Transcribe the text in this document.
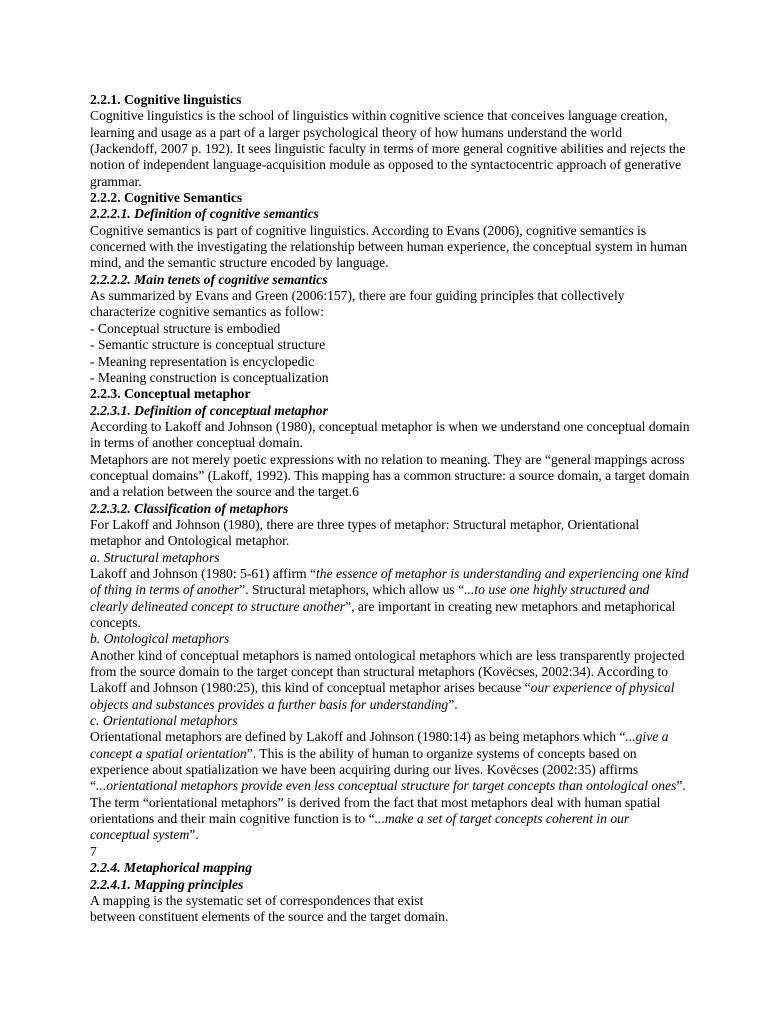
2.2.1. Cognitive linguistics

Cognitive linguistics is the school of linguistics within cognitive science that conceives language creation, learning and usage as a part of a larger psychological theory of how humans understand the world (Jackendoff, 2007 p. 192). It sees linguistic faculty in terms of more general cognitive abilities and rejects the notion of independent language-acquisition module as opposed to the syntactocentric approach of generative grammar.

2.2.2. Cognitive Semantics
2.2.2.1. Definition of cognitive semantics

Cognitive semantics is part of cognitive linguistics. According to Evans (2006), cognitive semantics is concerned with the investigating the relationship between human experience, the conceptual system in human mind, and the semantic structure encoded by language.

2.2.2.2. Main tenets of cognitive semantics

As summarized by Evans and Green (2006:157), there are four guiding principles that collectively characterize cognitive semantics as follow:

- Conceptual structure is embodied
- Semantic structure is conceptual structure
- Meaning representation is encyclopedic
- Meaning construction is conceptualization
2.2.3. Conceptual metaphor
2.2.3.1. Definition of conceptual metaphor

According to Lakoff and Johnson (1980), conceptual metaphor is when we understand one conceptual domain in terms of another conceptual domain.

Metaphors are not merely poetic expressions with no relation to meaning. They are “general mappings across conceptual domains” (Lakoff, 1992). This mapping has a common structure: a source domain, a target domain and a relation between the source and the target.6

2.2.3.2. Classification of metaphors

For Lakoff and Johnson (1980), there are three types of metaphor: Structural metaphor, Orientational metaphor and Ontological metaphor.

a. Structural metaphors

Lakoff and Johnson (1980: 5-61) affirm “the essence of metaphor is understanding and experiencing one kind of thing in terms of another”. Structural metaphors, which allow us “...to use one highly structured and clearly delineated concept to structure another”, are important in creating new metaphors and metaphorical concepts.

b. Ontological metaphors

Another kind of conceptual metaphors is named ontological metaphors which are less transparently projected from the source domain to the target concept than structural metaphors (Kovëcses, 2002:34). According to Lakoff and Johnson (1980:25), this kind of conceptual metaphor arises because “our experience of physical objects and substances provides a further basis for understanding”.

c. Orientational metaphors

Orientational metaphors are defined by Lakoff and Johnson (1980:14) as being metaphors which “...give a concept a spatial orientation”. This is the ability of human to organize systems of concepts based on experience about spatialization we have been acquiring during our lives. Kovëcses (2002:35) affirms “...orientational metaphors provide even less conceptual structure for target concepts than ontological ones”. The term “orientational metaphors” is derived from the fact that most metaphors deal with human spatial orientations and their main cognitive function is to “...make a set of target concepts coherent in our conceptual system”.

7
2.2.4. Metaphorical mapping
2.2.4.1. Mapping principles
A mapping is the systematic set of correspondences that exist
between constituent elements of the source and the target domain.
